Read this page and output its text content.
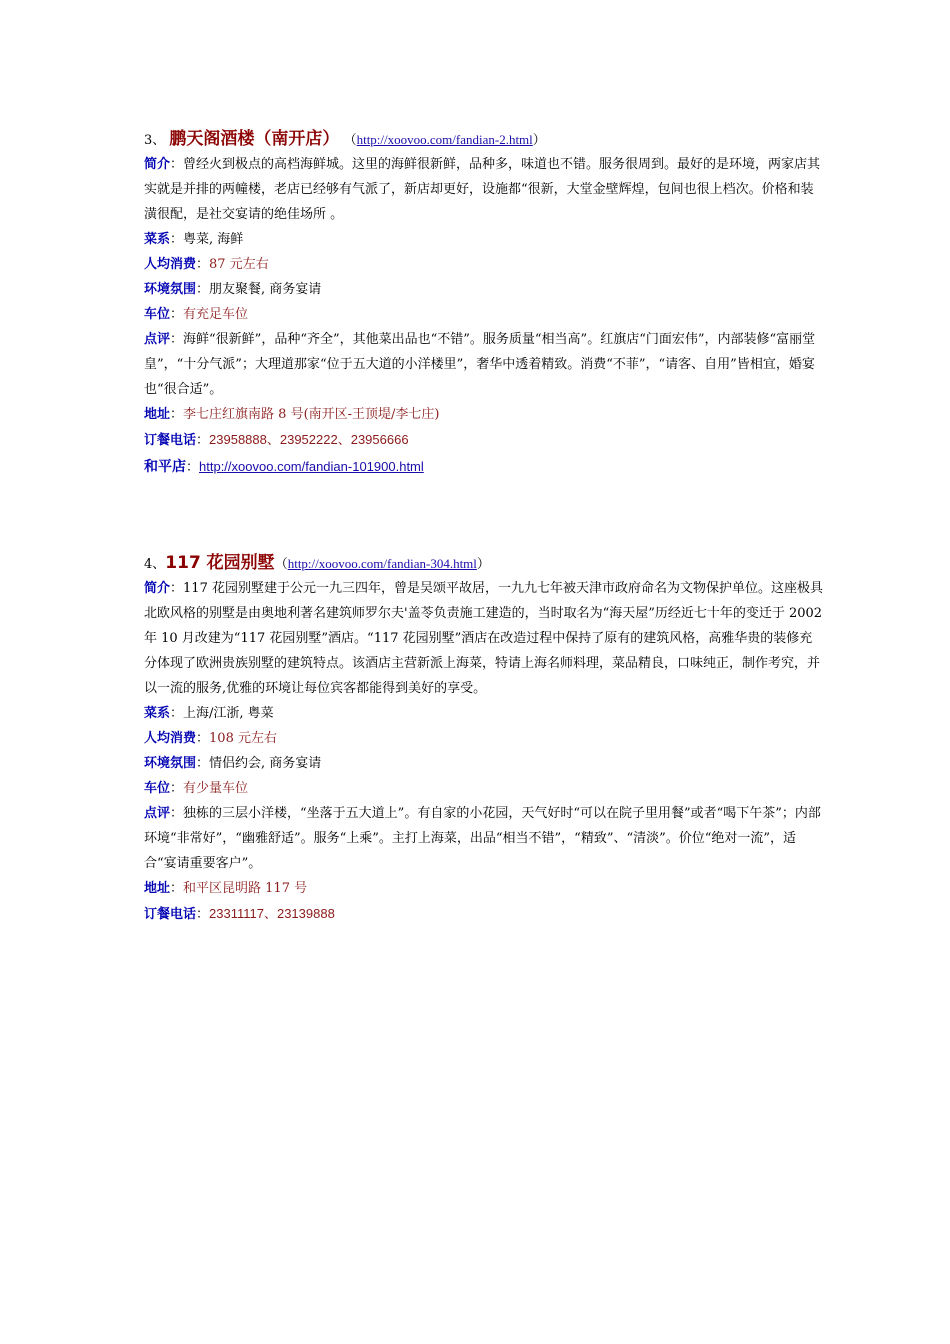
3、 鹏天阁酒楼（南开店） （http://xoovoo.com/fandian-2.html）

简介：曾经火到极点的高档海鲜城。这里的海鲜很新鲜，品种多，味道也不错。服务很周到。最好的是环境，两家店其实就是并排的两幢楼，老店已经够有气派了，新店却更好，设施都“很新，大堂金壁辉煌，包间也很上档次。价格和装潢很配，是社交宴请的绝佳场所 。

菜系：粤菜, 海鲜

人均消费：87 元左右

环境氛围：朋友聚餐, 商务宴请

车位：有充足车位

点评：海鲜“很新鲜”，品种“齐全”，其他菜出品也“不错”。服务质量“相当高”。红旗店“门面宏伟”，内部装修“富丽堂皇”，“十分气派”；大理道那家“位于五大道的小洋楼里”，奢华中透着精致。消费“不菲”，“请客、自用”皆相宜，婚宴也“很合适”。

地址：李七庄红旗南路 8 号(南开区-王顶堤/李七庄)

订餐电话：23958888、23952222、23956666

和平店：http://xoovoo.com/fandian-101900.html
4、117 花园别墅（http://xoovoo.com/fandian-304.html）

简介：117 花园别墅建于公元一九三四年，曾是吴颂平故居，一九九七年被天津市政府命名为文物保护单位。这座极具北欧风格的别墅是由奥地利著名建筑师罗尔夫'盖苓负责施工建造的，当时取名为“海天屋”历经近七十年的变迁于 2002 年 10 月改建为“117 花园别墅”酒店。“117 花园别墅”酒店在改造过程中保持了原有的建筑风格，高雅华贵的装修充分体现了欧洲贵族别墅的建筑特点。该酒店主营新派上海菜，特请上海名师料理，菜品精良，口味纯正，制作考究，并以一流的服务,优雅的环境让每位宾客都能得到美好的享受。

菜系：上海/江浙, 粤菜

人均消费：108 元左右

环境氛围：情侣约会, 商务宴请

车位：有少量车位

点评：独栋的三层小洋楼，“坐落于五大道上”。有自家的小花园，天气好时“可以在院子里用餐”或者“喝下午茶”；内部环境“非常好”，“幽雅舒适”。服务“上乘”。主打上海菜，出品“相当不错”，“精致”、“清淡”。价位“绝对一流”，适合“宴请重要客户”。

地址：和平区昆明路 117 号

订餐电话：23311117、23139888
